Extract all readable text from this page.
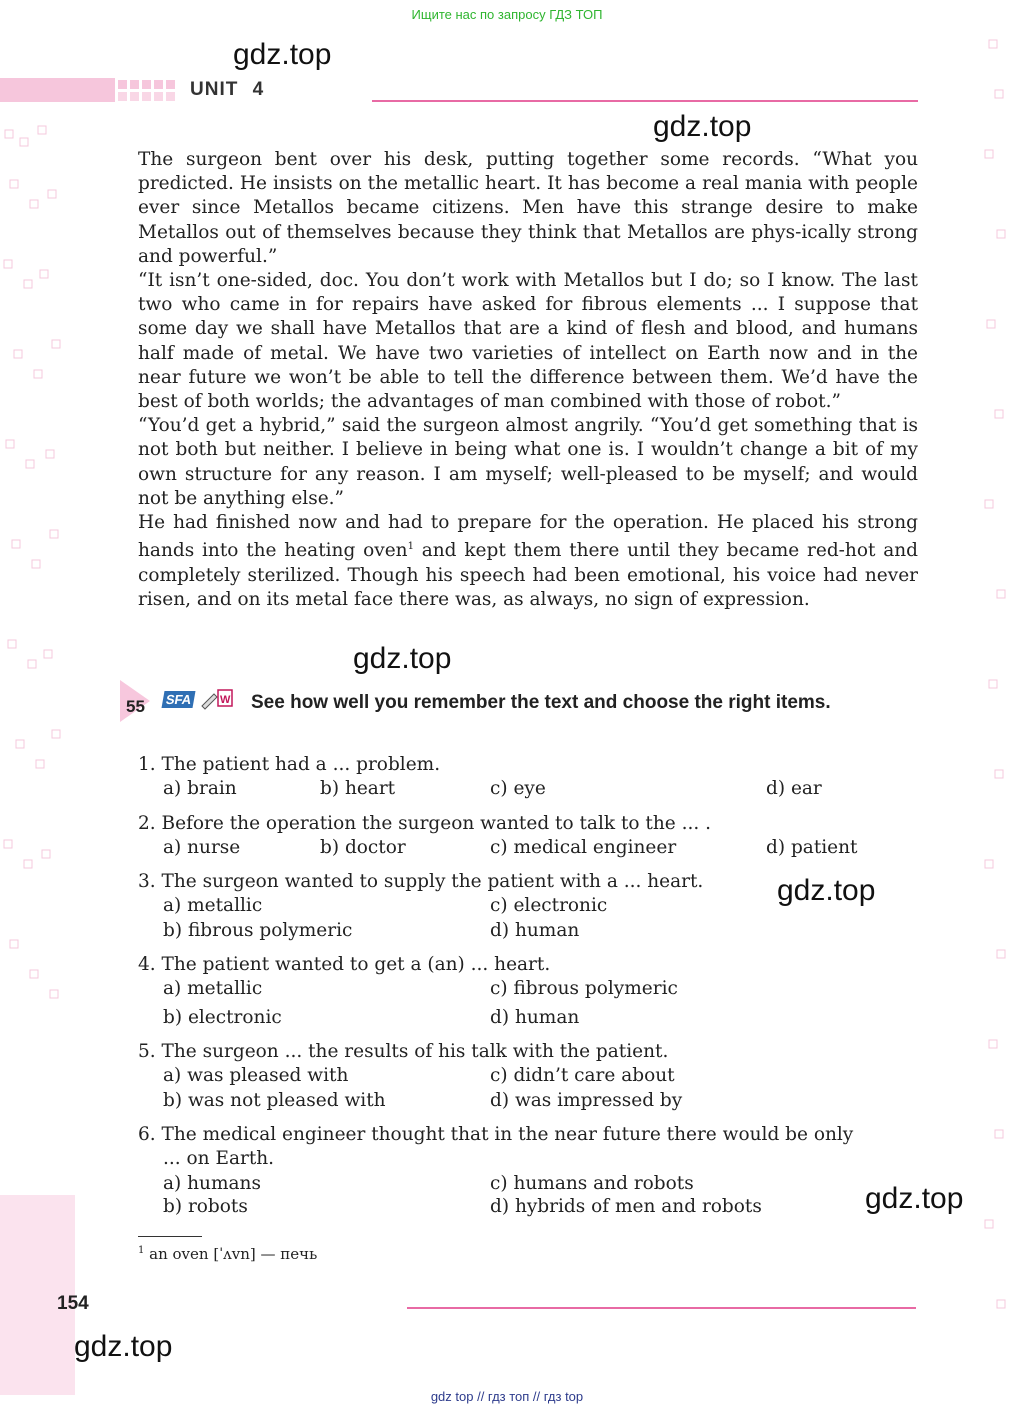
Ищите нас по запросу ГДЗ ТОП
gdz.top
UNIT 4
gdz.top

The surgeon bent over his desk, putting together some records. “What you predicted. He insists on the metallic heart. It has become a real mania with people ever since Metallos became citizens. Men have this strange desire to make Metallos out of themselves because they think that Metallos are phys-ically strong and powerful.”

“It isn’t one-sided, doc. You don’t work with Metallos but I do; so I know. The last two who came in for repairs have asked for fibrous elements ... I suppose that some day we shall have Metallos that are a kind of flesh and blood, and humans half made of metal. We have two varieties of intellect on Earth now and in the near future we won’t be able to tell the difference between them. We’d have the best of both worlds; the advantages of man combined with those of robot.”

“You’d get a hybrid,” said the surgeon almost angrily. “You’d get something that is not both but neither. I believe in being what one is. I wouldn’t change a bit of my own structure for any reason. I am myself; well-pleased to be myself; and would not be anything else.”

He had finished now and had to prepare for the operation. He placed his strong hands into the heating oven$^1$ and kept them there until they became red-hot and completely sterilized. Though his speech had been emotional, his voice had never risen, and on its metal face there was, as always, no sign of expression.

gdz.top
55 SFA	W See how well you remember the text and choose the right items.
1. The patient had a ... problem.
a) brain	b) heart	c) eye	d) ear
2. Before the operation the surgeon wanted to talk to the ... .
a) nurse	b) doctor	c) medical engineer	d) patient
3. The surgeon wanted to supply the patient with a ... heart. gdz.top
a) metallic	c) electronic
b) fibrous polymeric	d) human
4. The patient wanted to get a (an) ... heart.
a) metallic	c) fibrous polymeric
b) electronic	d) human
5. The surgeon ... the results of his talk with the patient.
a) was pleased with	c) didn’t care about
b) was not pleased with	d) was impressed by
6. The medical engineer thought that in the near future there would be only
... on Earth.
a) humans	c) humans and robots
b) robots	d) hybrids of men and robots	gdz.top
$^1$ an oven [ˈʌvn] — печь
154
gdz.top
gdz top // гдз топ // гдз top
